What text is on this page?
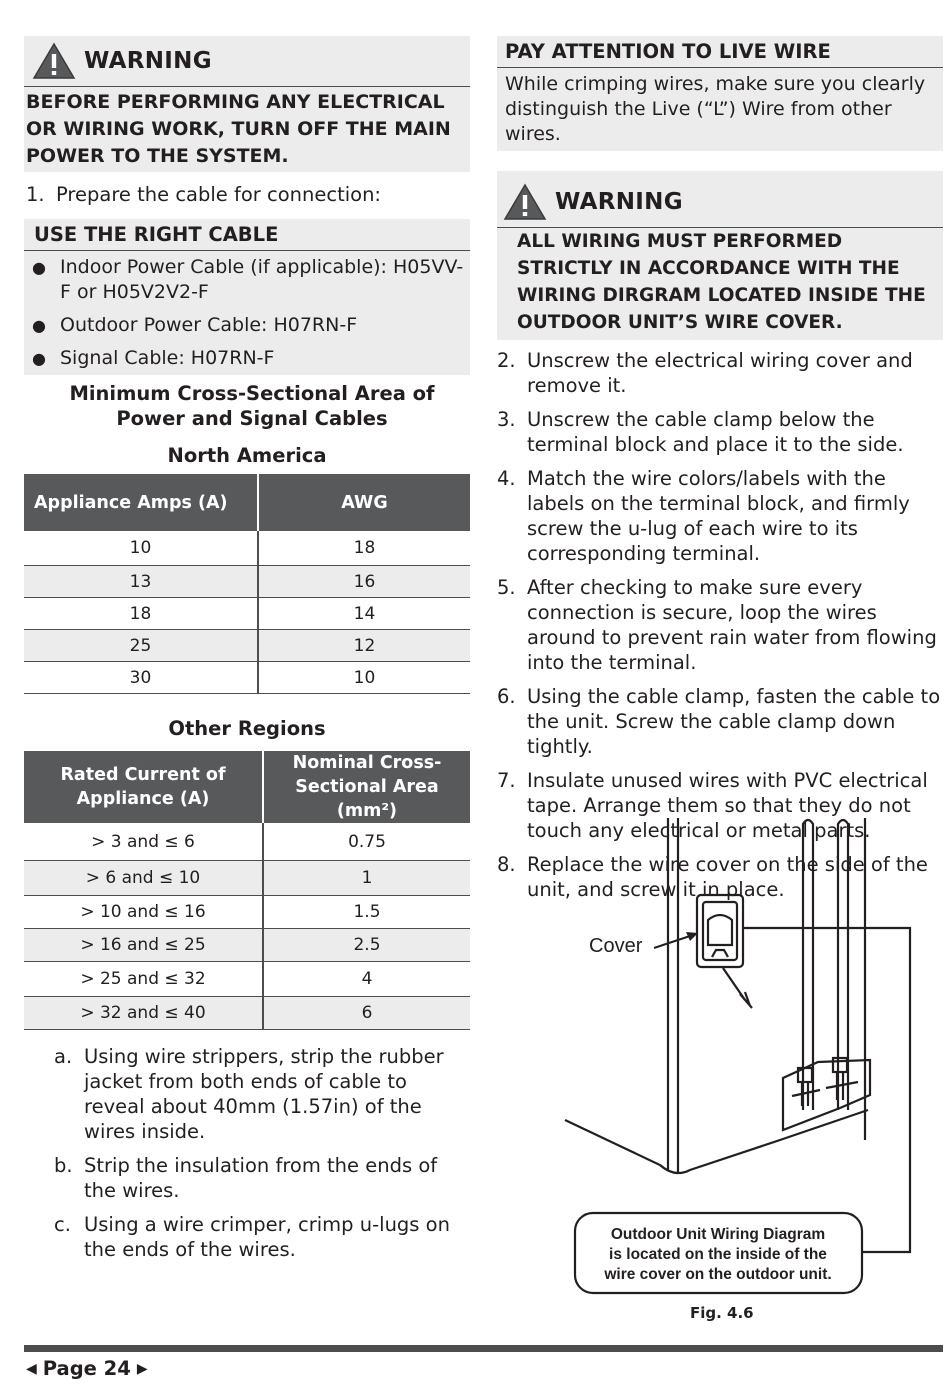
WARNING
BEFORE PERFORMING ANY ELECTRICAL OR WIRING WORK, TURN OFF THE MAIN POWER TO THE SYSTEM.
1. Prepare the cable for connection:
USE THE RIGHT CABLE
● Indoor Power Cable (if applicable): H05VV-F or H05V2V2-F
● Outdoor Power Cable: H07RN-F
● Signal Cable: H07RN-F
Minimum Cross-Sectional Area of Power and Signal Cables
North America
Appliance Amps (A)	AWG
10	18
13	16
18	14
25	12
30	10
Other Regions
Rated Current of Appliance (A)	Nominal Cross-Sectional Area (mm²)
> 3 and ≤ 6	0.75
> 6 and ≤ 10	1
> 10 and ≤ 16	1.5
> 16 and ≤ 25	2.5
> 25 and ≤ 32	4
> 32 and ≤ 40	6
a. Using wire strippers, strip the rubber jacket from both ends of cable to reveal about 40mm (1.57in) of the wires inside.
b. Strip the insulation from the ends of the wires.
c. Using a wire crimper, crimp u-lugs on the ends of the wires.
PAY ATTENTION TO LIVE WIRE
While crimping wires, make sure you clearly distinguish the Live (“L”) Wire from other wires.
WARNING
ALL WIRING MUST PERFORMED STRICTLY IN ACCORDANCE WITH THE WIRING DIRGRAM LOCATED INSIDE THE OUTDOOR UNIT’S WIRE COVER.
2. Unscrew the electrical wiring cover and remove it.
3. Unscrew the cable clamp below the terminal block and place it to the side.
4. Match the wire colors/labels with the labels on the terminal block, and firmly screw the u-lug of each wire to its corresponding terminal.
5. After checking to make sure every connection is secure, loop the wires around to prevent rain water from flowing into the terminal.
6. Using the cable clamp, fasten the cable to the unit. Screw the cable clamp down tightly.
7. Insulate unused wires with PVC electrical tape. Arrange them so that they do not touch any electrical or metal parts.
8. Replace the wire cover on the side of the unit, and screw it in place.
Cover
Outdoor Unit Wiring Diagram
is located on the inside of the
wire cover on the outdoor unit.
Fig. 4.6
◀ Page 24 ▶
